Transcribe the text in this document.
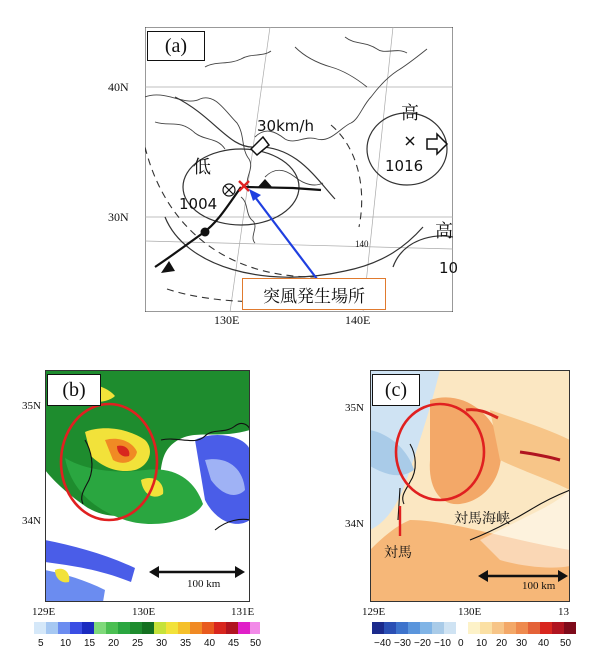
(a)
140
30km/h
低
1004
高
1016
高
10
突風発生場所
40N
30N
130E	140E
(b)
100 km
35N
34N
129E	130E	131E
5 10 15 20 25 30 35 40 45 50
(c)
対馬海峡
対馬
100 km
35N
34N
129E	130E	13
−40 −30 −20 −10 0 10 20 30 40 50
